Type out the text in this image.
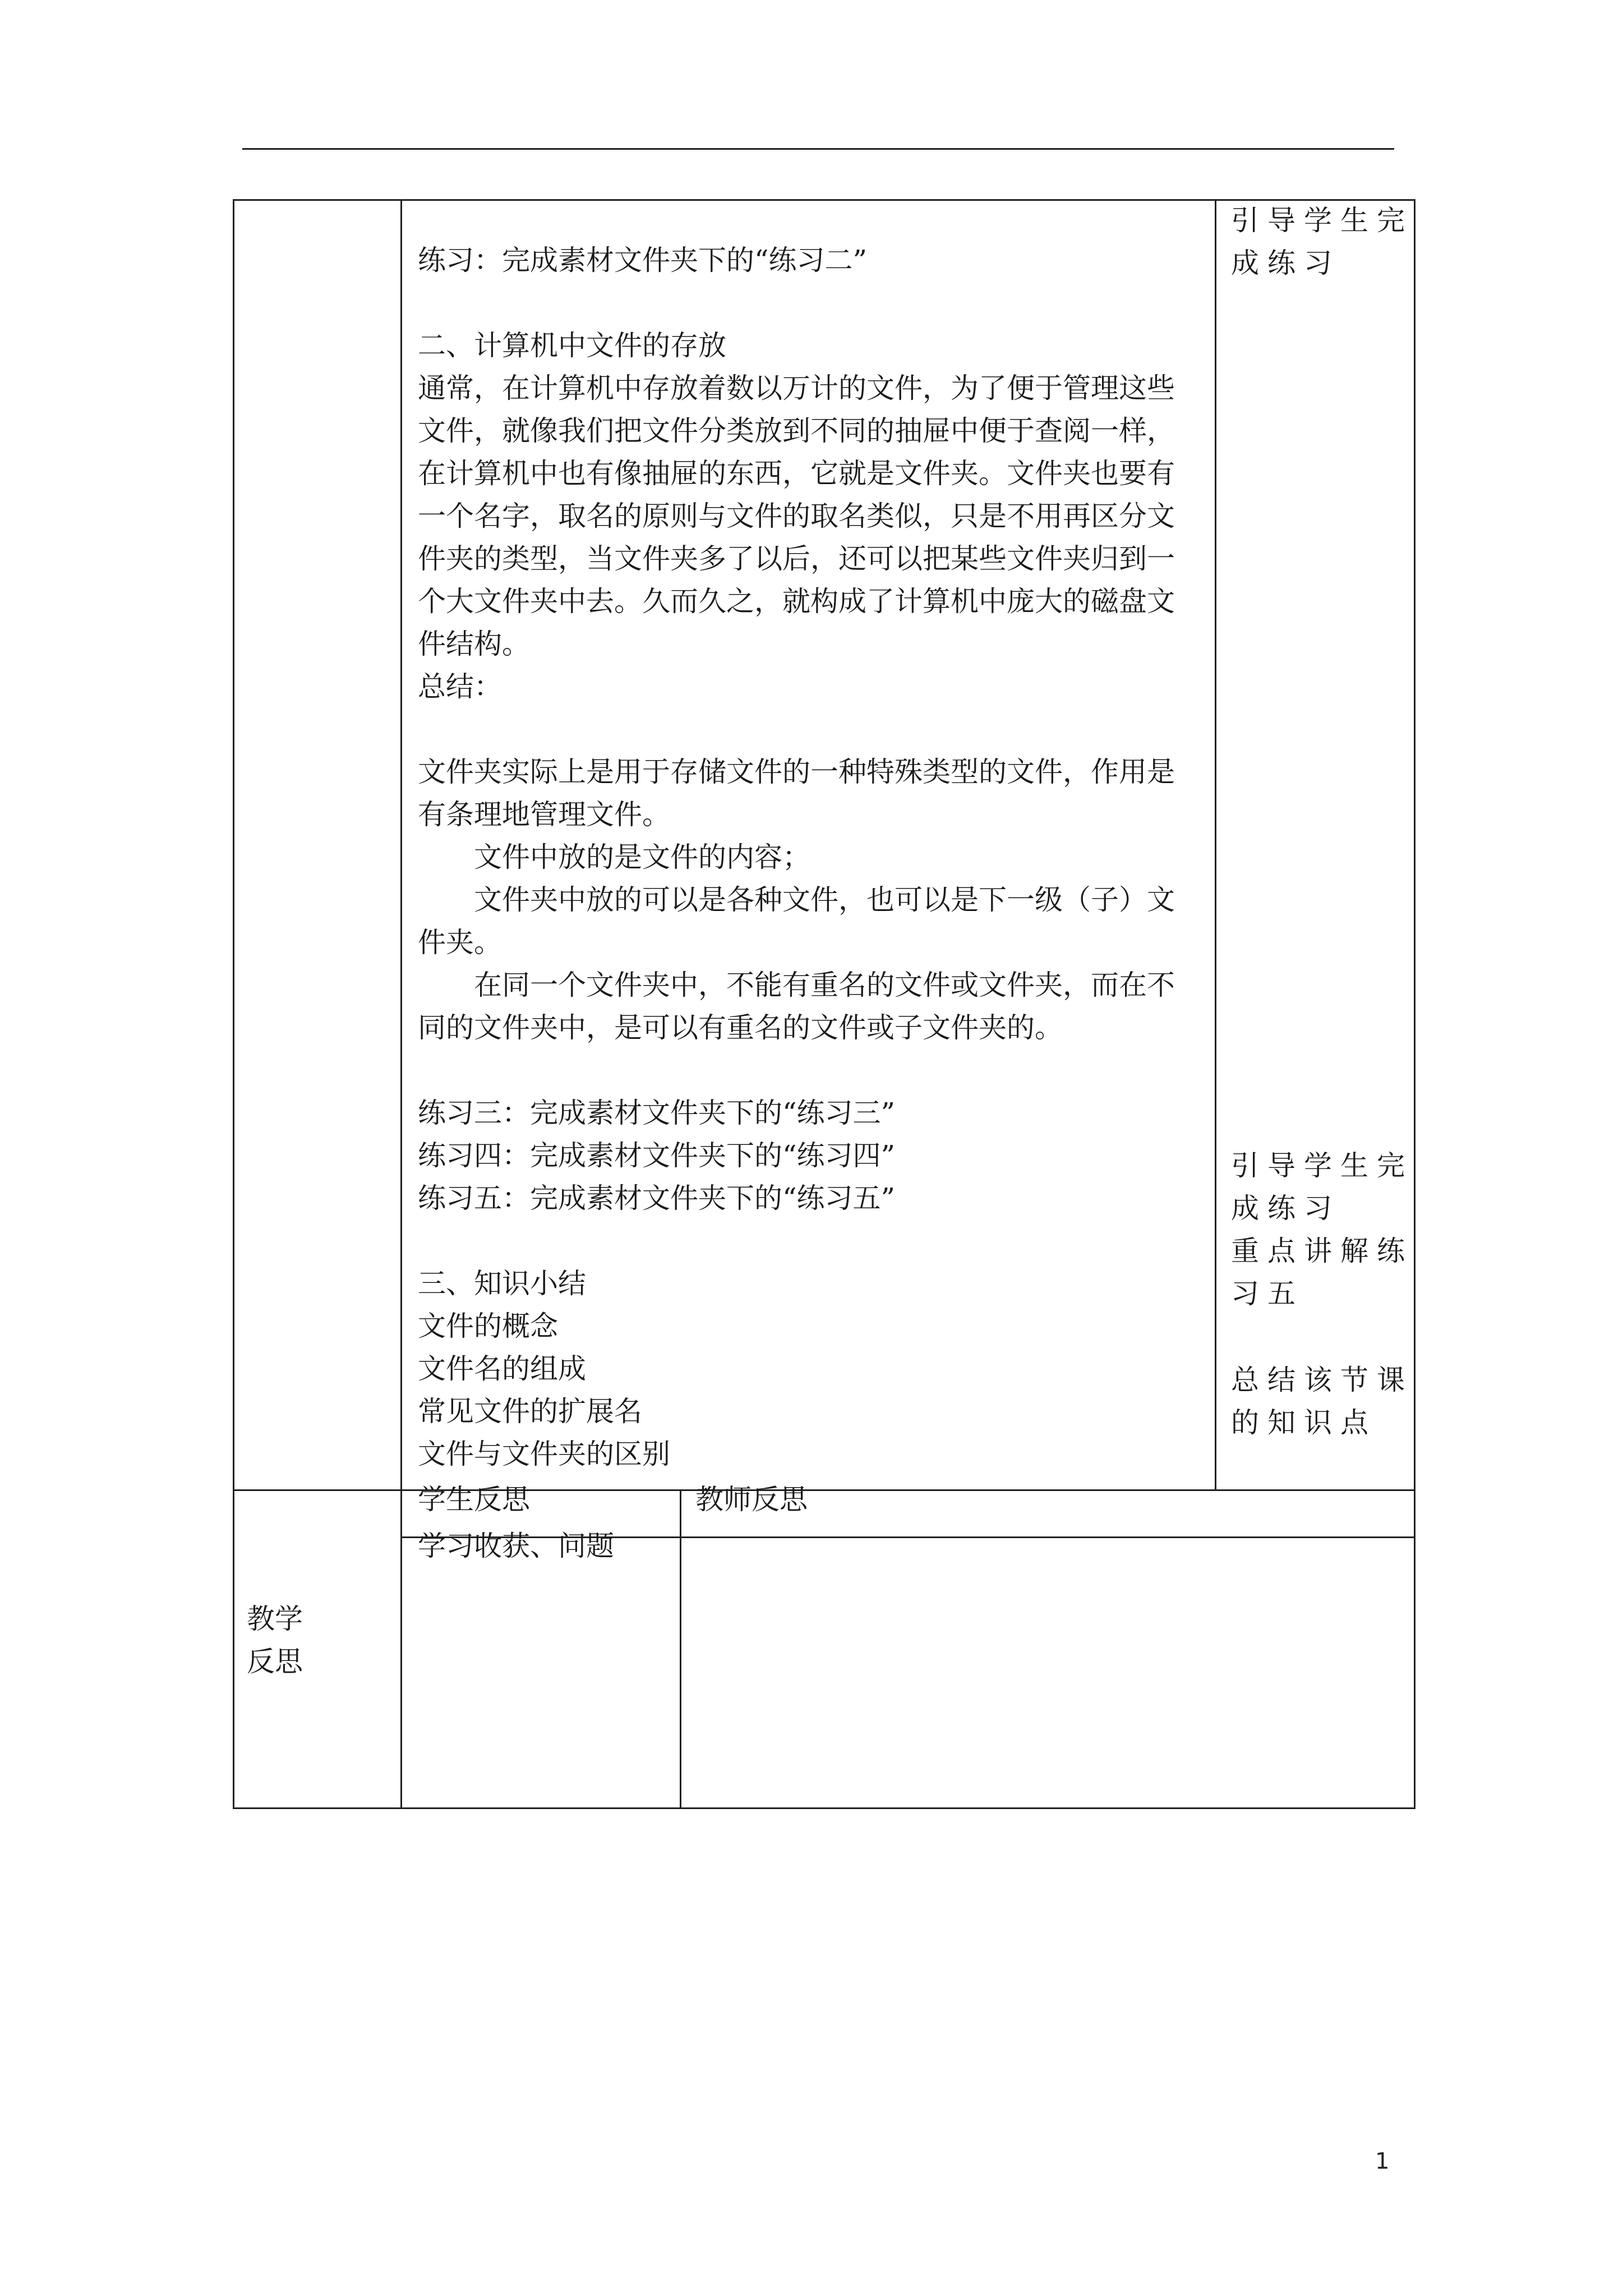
练习：完成素材文件夹下的“练习二”

二、计算机中文件的存放

通常，在计算机中存放着数以万计的文件，为了便于管理这些

文件，就像我们把文件分类放到不同的抽屉中便于查阅一样，

在计算机中也有像抽屉的东西，它就是文件夹。文件夹也要有

一个名字，取名的原则与文件的取名类似，只是不用再区分文

件夹的类型，当文件夹多了以后，还可以把某些文件夹归到一

个大文件夹中去。久而久之，就构成了计算机中庞大的磁盘文

件结构。

总结：

文件夹实际上是用于存储文件的一种特殊类型的文件，作用是

有条理地管理文件。

文件中放的是文件的内容；

文件夹中放的可以是各种文件，也可以是下一级（子）文

件夹。

在同一个文件夹中，不能有重名的文件或文件夹，而在不

同的文件夹中，是可以有重名的文件或子文件夹的。

练习三：完成素材文件夹下的“练习三”

练习四：完成素材文件夹下的“练习四”

练习五：完成素材文件夹下的“练习五”

三、知识小结

文件的概念

文件名的组成

常见文件的扩展名

文件与文件夹的区别

引导学生完

成练习

引导学生完

成练习

重点讲解练

习五

总结该节课

的知识点

教学
反思
学生反思	教师反思
学习收获、问题
1
